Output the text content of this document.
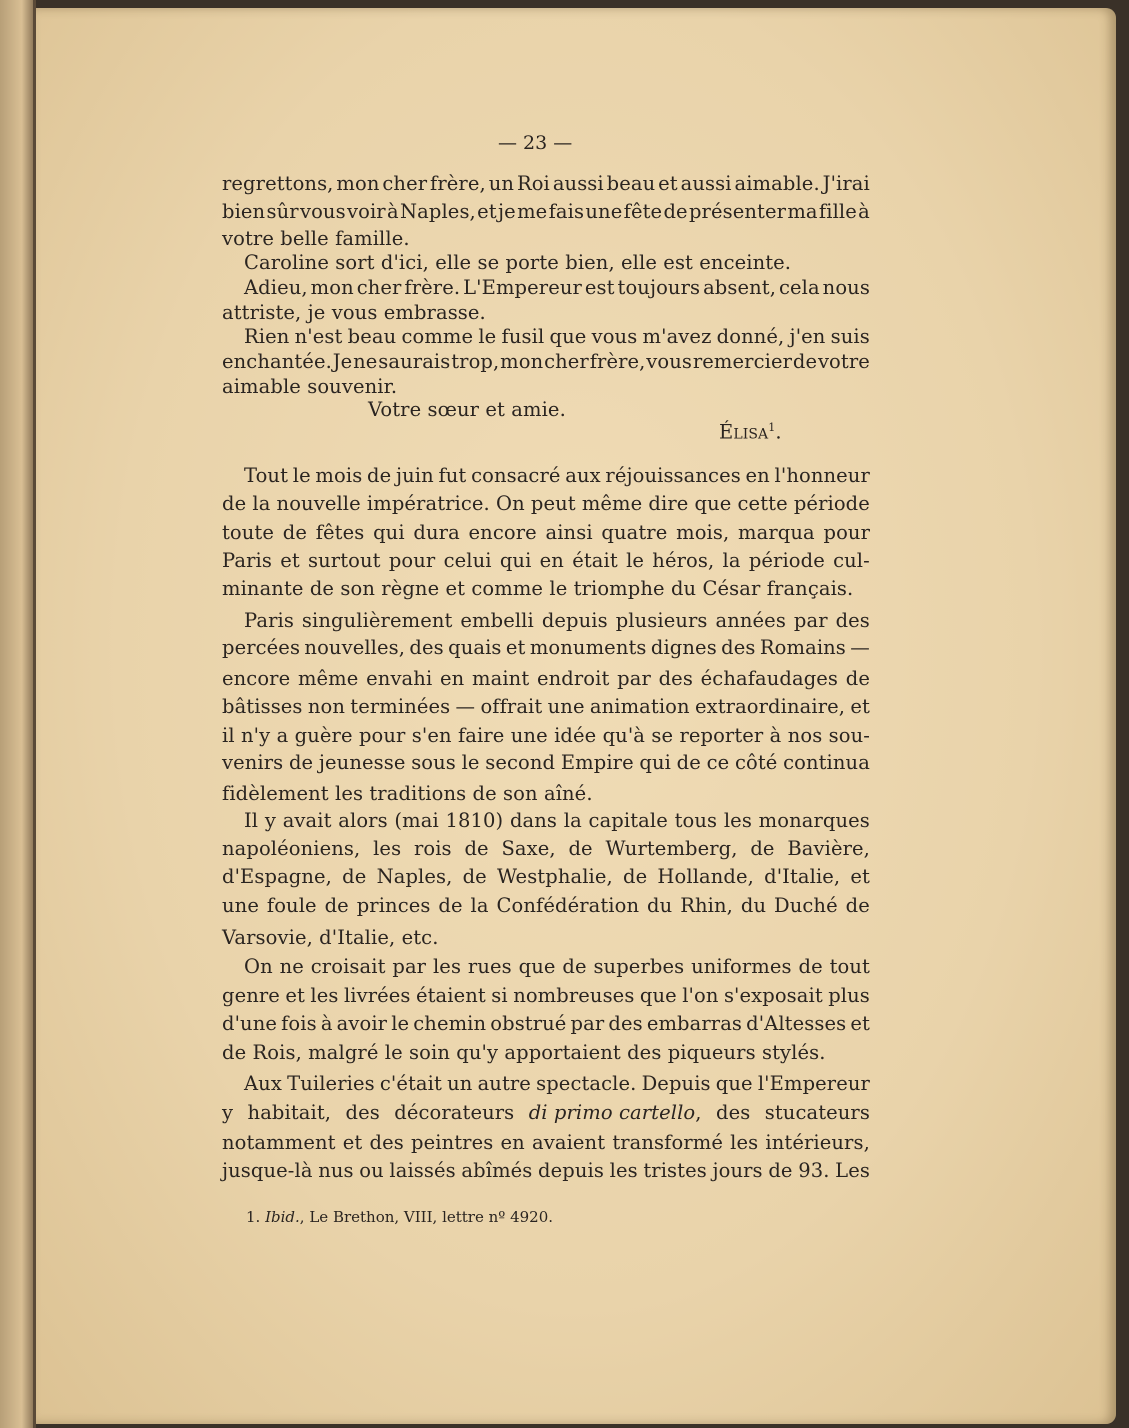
— 23 —
regrettons, mon cher frère, un Roi aussi beau et aussi aimable. J'irai
bien sûr vous voir à Naples, et je me fais une fête de présenter ma fille à
votre belle famille.
Caroline sort d'ici, elle se porte bien, elle est enceinte.
Adieu, mon cher frère. L'Empereur est toujours absent, cela nous
attriste, je vous embrasse.
Rien n'est beau comme le fusil que vous m'avez donné, j'en suis
enchantée. Je ne saurais trop, mon cher frère, vous remercier de votre
aimable souvenir.
Votre sœur et amie.
Élisa$^1$.
Tout le mois de juin fut consacré aux réjouissances en l'honneur
de la nouvelle impératrice. On peut même dire que cette période
toute de fêtes qui dura encore ainsi quatre mois, marqua pour
Paris et surtout pour celui qui en était le héros, la période cul-
minante de son règne et comme le triomphe du César français.
Paris singulièrement embelli depuis plusieurs années par des
percées nouvelles, des quais et monuments dignes des Romains —
encore même envahi en maint endroit par des échafaudages de
bâtisses non terminées — offrait une animation extraordinaire, et
il n'y a guère pour s'en faire une idée qu'à se reporter à nos sou-
venirs de jeunesse sous le second Empire qui de ce côté continua
fidèlement les traditions de son aîné.
Il y avait alors (mai 1810) dans la capitale tous les monarques
napoléoniens, les rois de Saxe, de Wurtemberg, de Bavière,
d'Espagne, de Naples, de Westphalie, de Hollande, d'Italie, et
une foule de princes de la Confédération du Rhin, du Duché de
Varsovie, d'Italie, etc.
On ne croisait par les rues que de superbes uniformes de tout
genre et les livrées étaient si nombreuses que l'on s'exposait plus
d'une fois à avoir le chemin obstrué par des embarras d'Altesses et
de Rois, malgré le soin qu'y apportaient des piqueurs stylés.
Aux Tuileries c'était un autre spectacle. Depuis que l'Empereur
y habitait, des décorateurs di primo cartello, des stucateurs
notamment et des peintres en avaient transformé les intérieurs,
jusque-là nus ou laissés abîmés depuis les tristes jours de 93. Les
1. Ibid., Le Brethon, VIII, lettre nº 4920.
